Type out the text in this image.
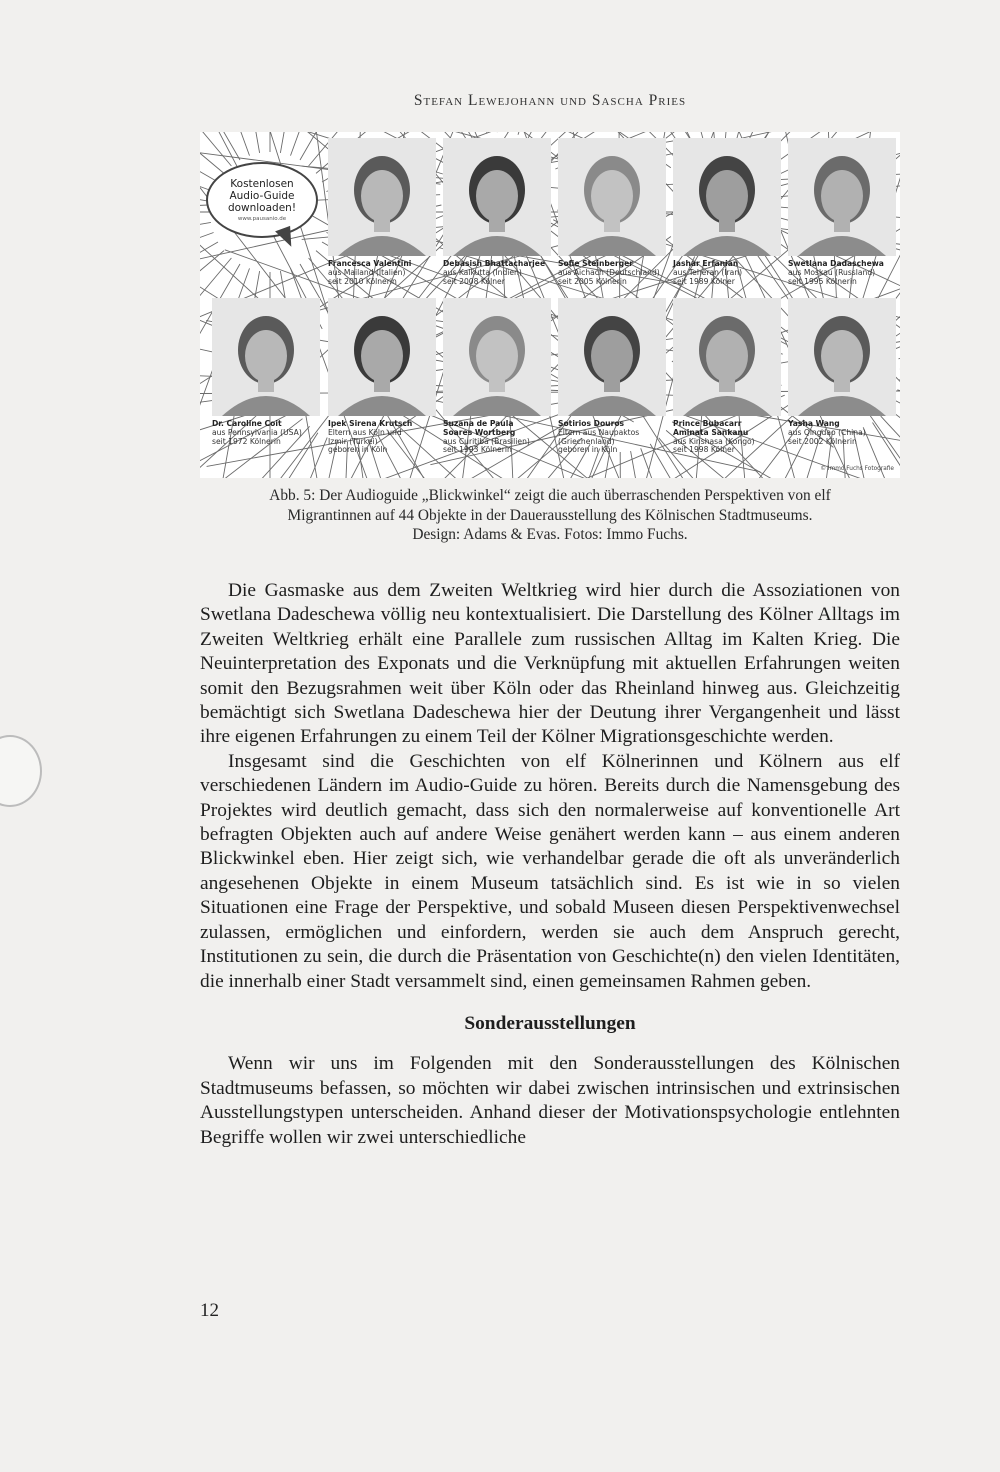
Stefan Lewejohann und Sascha Pries
Kostenlosen
Audio-Guide
downloaden!
www.pausanio.de
Francesca Valentini
aus Mailand (Italien)
seit 2010 Kölnerin
Debasish Bhattacharjee
aus Kalkutta (Indien)
seit 2008 Kölner
Sofie Steinberger
aus Aichach (Deutschland)
seit 2005 Kölnerin
Jashar Erfanian
aus Teheran (Iran)
seit 1989 Kölner
Swetlana Dadaschewa
aus Moskau (Russland)
seit 1995 Kölnerin
Dr. Caroline Coit
aus Pennsylvania (USA)
seit 1972 Kölnerin
Ipek Sirena Krutsch
Eltern aus Köln und
Izmir (Türkei)
geboren in Köln
Suzana de Paula
Soares Wortberg
aus Curitiba (Brasilien)
seit 1993 Kölnerin
Sotirios Douros
Eltern aus Naupaktos
(Griechenland)
geboren in Köln
Prince Bubacarr
Aminata Sankanu
aus Kinshasa (Kongo)
seit 1998 Kölner
Yasha Wang
aus Qingdao (China)
seit 2002 Kölnerin
© Immo Fuchs Fotografie
Abb. 5: Der Audioguide „Blickwinkel“ zeigt die auch überraschenden Perspektiven von elf
Migrantinnen auf 44 Objekte in der Dauerausstellung des Kölnischen Stadtmuseums.
Design: Adams & Evas. Fotos: Immo Fuchs.

Die Gasmaske aus dem Zweiten Weltkrieg wird hier durch die Assoziationen von Swetlana Dadeschewa völlig neu kontextualisiert. Die Darstellung des Kölner Alltags im Zweiten Weltkrieg erhält eine Parallele zum russischen Alltag im Kalten Krieg. Die Neuinterpretation des Exponats und die Verknüpfung mit aktuellen Erfahrungen weiten somit den Bezugsrahmen weit über Köln oder das Rheinland hinweg aus. Gleichzeitig bemächtigt sich Swetlana Dadeschewa hier der Deutung ihrer Vergangenheit und lässt ihre eigenen Erfahrungen zu einem Teil der Kölner Migrationsgeschichte werden.

Insgesamt sind die Geschichten von elf Kölnerinnen und Kölnern aus elf verschiedenen Ländern im Audio-Guide zu hören. Bereits durch die Namensgebung des Projektes wird deutlich gemacht, dass sich den normalerweise auf konventionelle Art befragten Objekten auch auf andere Weise genähert werden kann – aus einem anderen Blickwinkel eben. Hier zeigt sich, wie verhandelbar gerade die oft als unveränderlich angesehenen Objekte in einem Museum tatsächlich sind. Es ist wie in so vielen Situationen eine Frage der Perspektive, und sobald Museen diesen Perspektivenwechsel zulassen, ermöglichen und einfordern, werden sie auch dem Anspruch gerecht, Institutionen zu sein, die durch die Präsentation von Geschichte(n) den vielen Identitäten, die innerhalb einer Stadt versammelt sind, einen gemeinsamen Rahmen geben.

Sonderausstellungen

Wenn wir uns im Folgenden mit den Sonderausstellungen des Kölnischen Stadtmuseums befassen, so möchten wir dabei zwischen intrinsischen und extrinsischen Ausstellungstypen unterscheiden. Anhand dieser der Motivationspsychologie entlehnten Begriffe wollen wir zwei unterschiedliche

12
